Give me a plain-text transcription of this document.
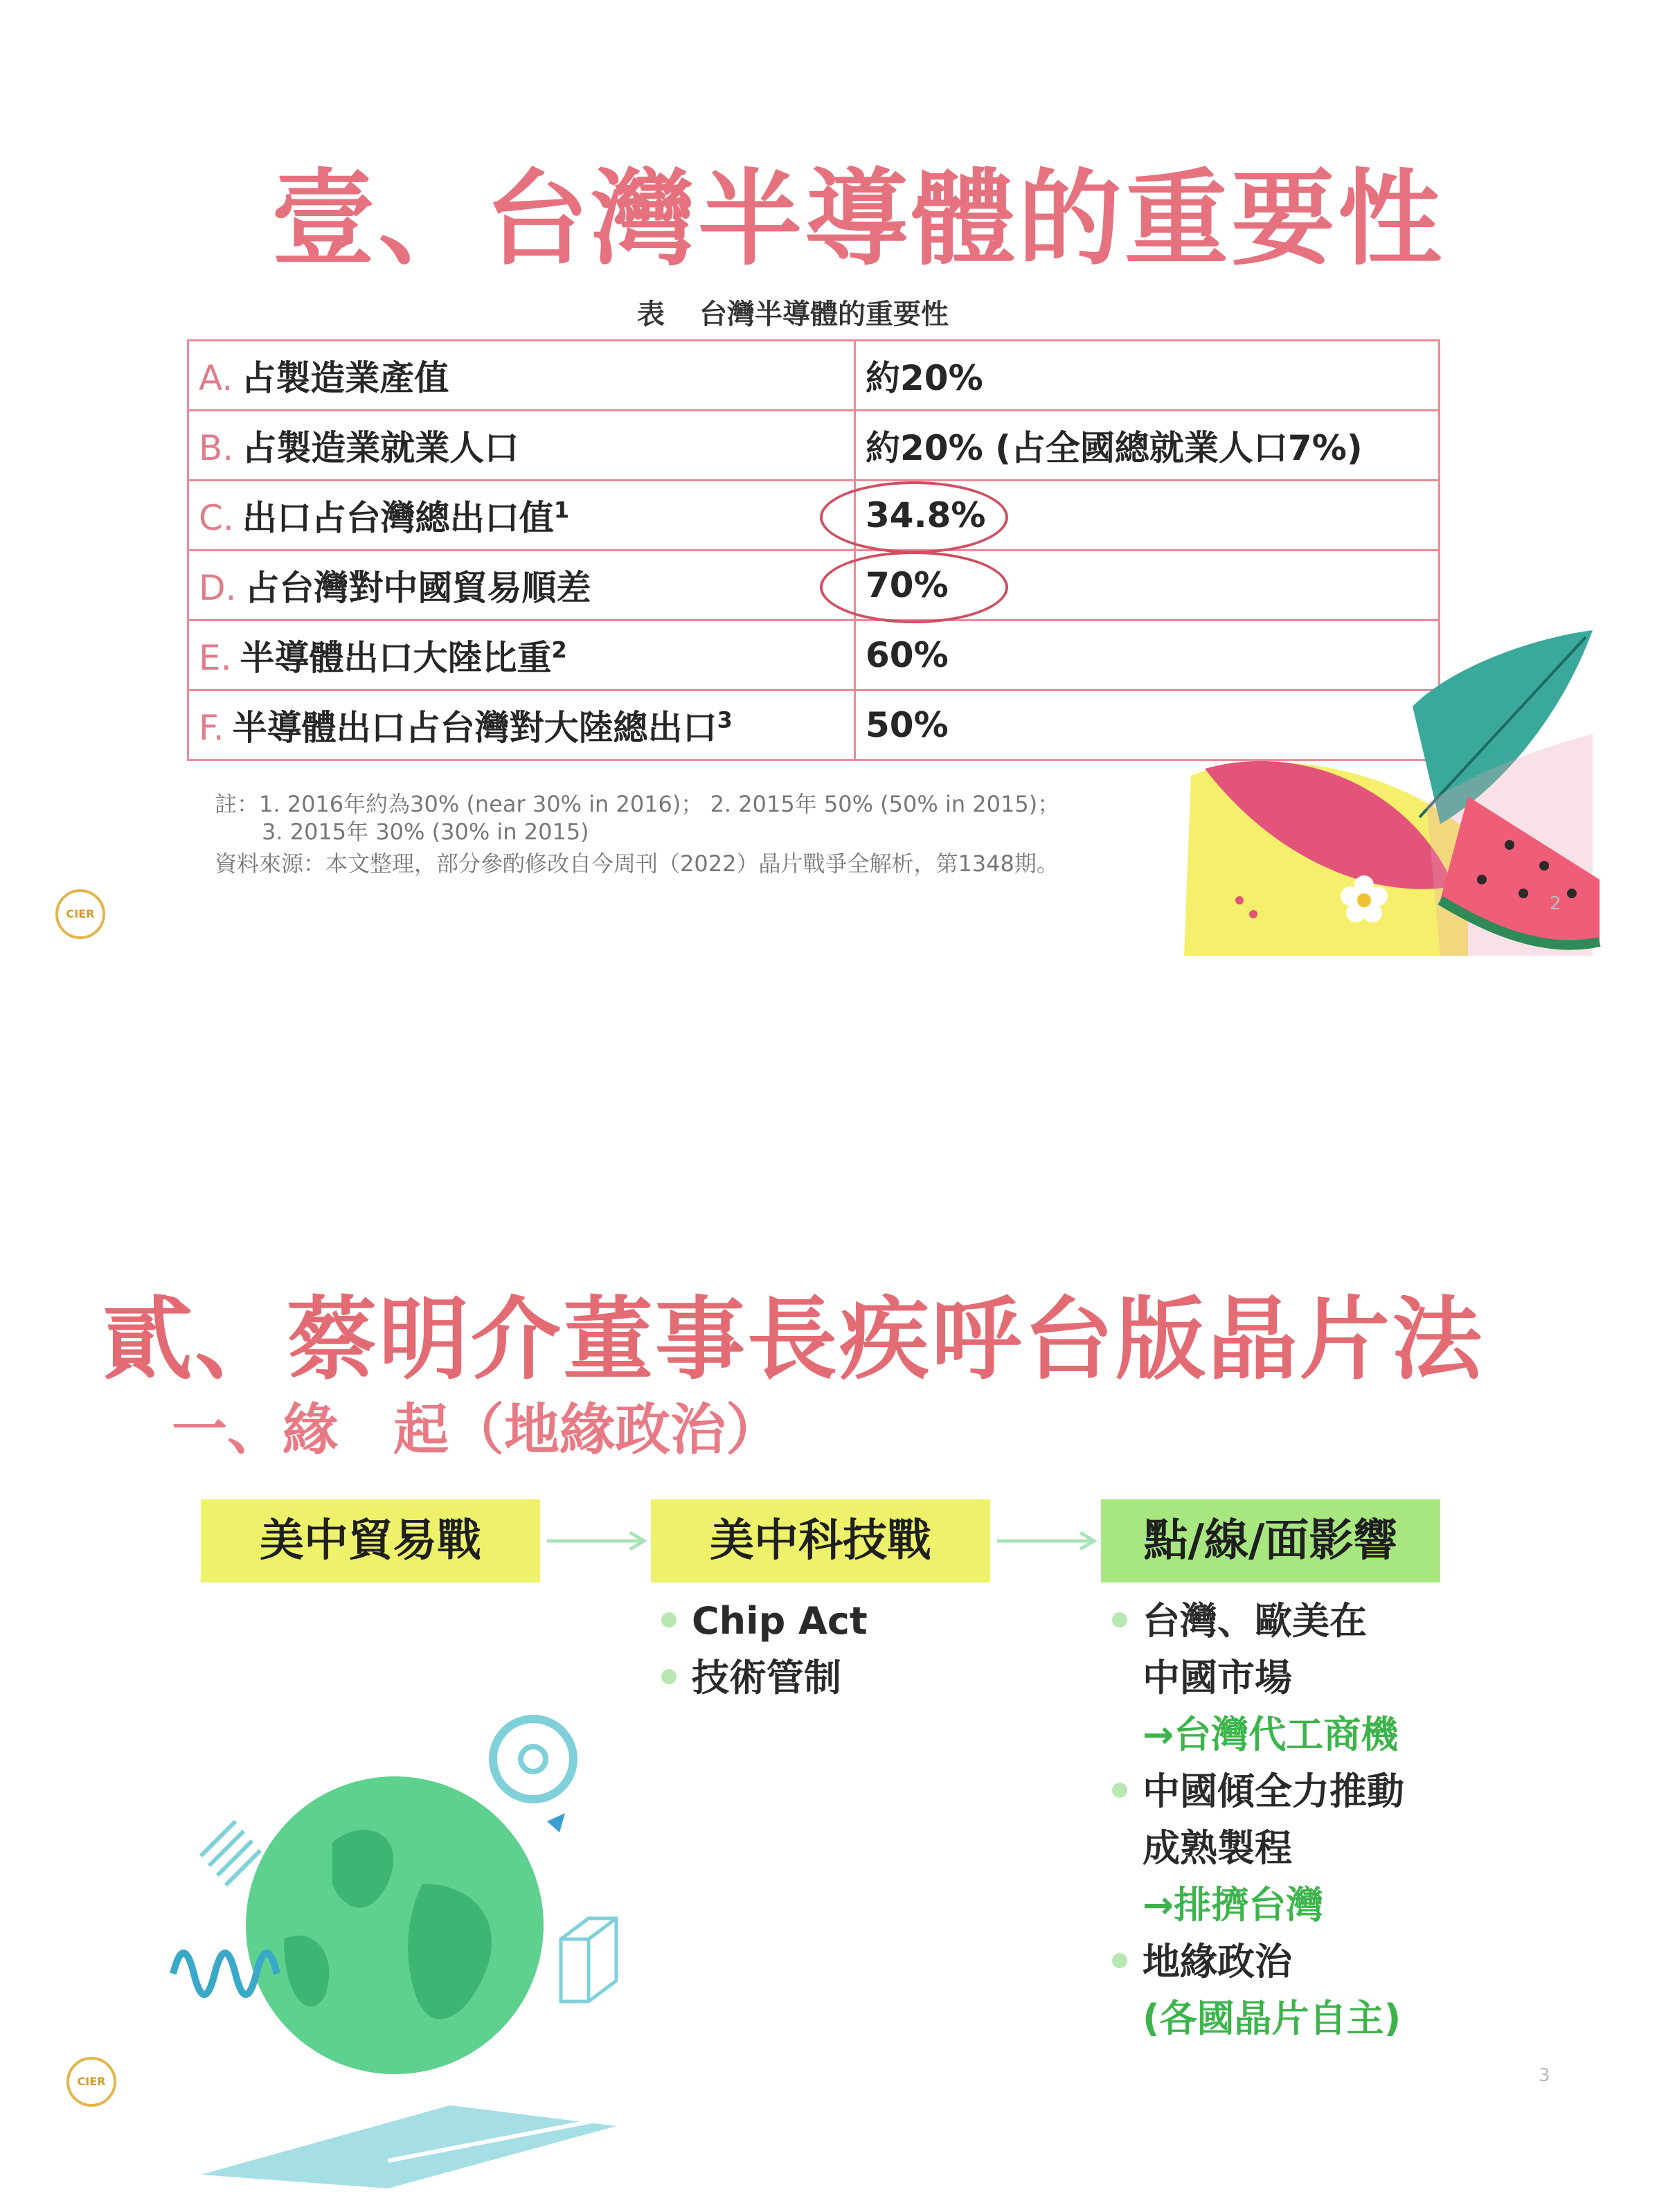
壹、台灣半導體的重要性
表 台灣半導體的重要性
A. 占製造業產值	約20%
B. 占製造業就業人口	約20% (占全國總就業人口7%)
C. 出口占台灣總出口值$^1$	34.8%
D. 占台灣對中國貿易順差	70%
E. 半導體出口大陸比重$^2$	60%
F. 半導體出口占台灣對大陸總出口$^3$	50%
註：1. 2016年約為30% (near 30% in 2016)； 2. 2015年 50% (50% in 2015)；
3. 2015年 30% (30% in 2015)
資料來源：本文整理，部分參酌修改自今周刊（2022）晶片戰爭全解析，第1348期。
2
CIER
貳、蔡明介董事長疾呼台版晶片法
一、緣　起（地緣政治）
美中貿易戰	美中科技戰	點/線/面影響
Chip Act
技術管制
台灣、歐美在
中國市場
→台灣代工商機
中國傾全力推動
成熟製程
→排擠台灣
地緣政治
(各國晶片自主)
3
CIER
